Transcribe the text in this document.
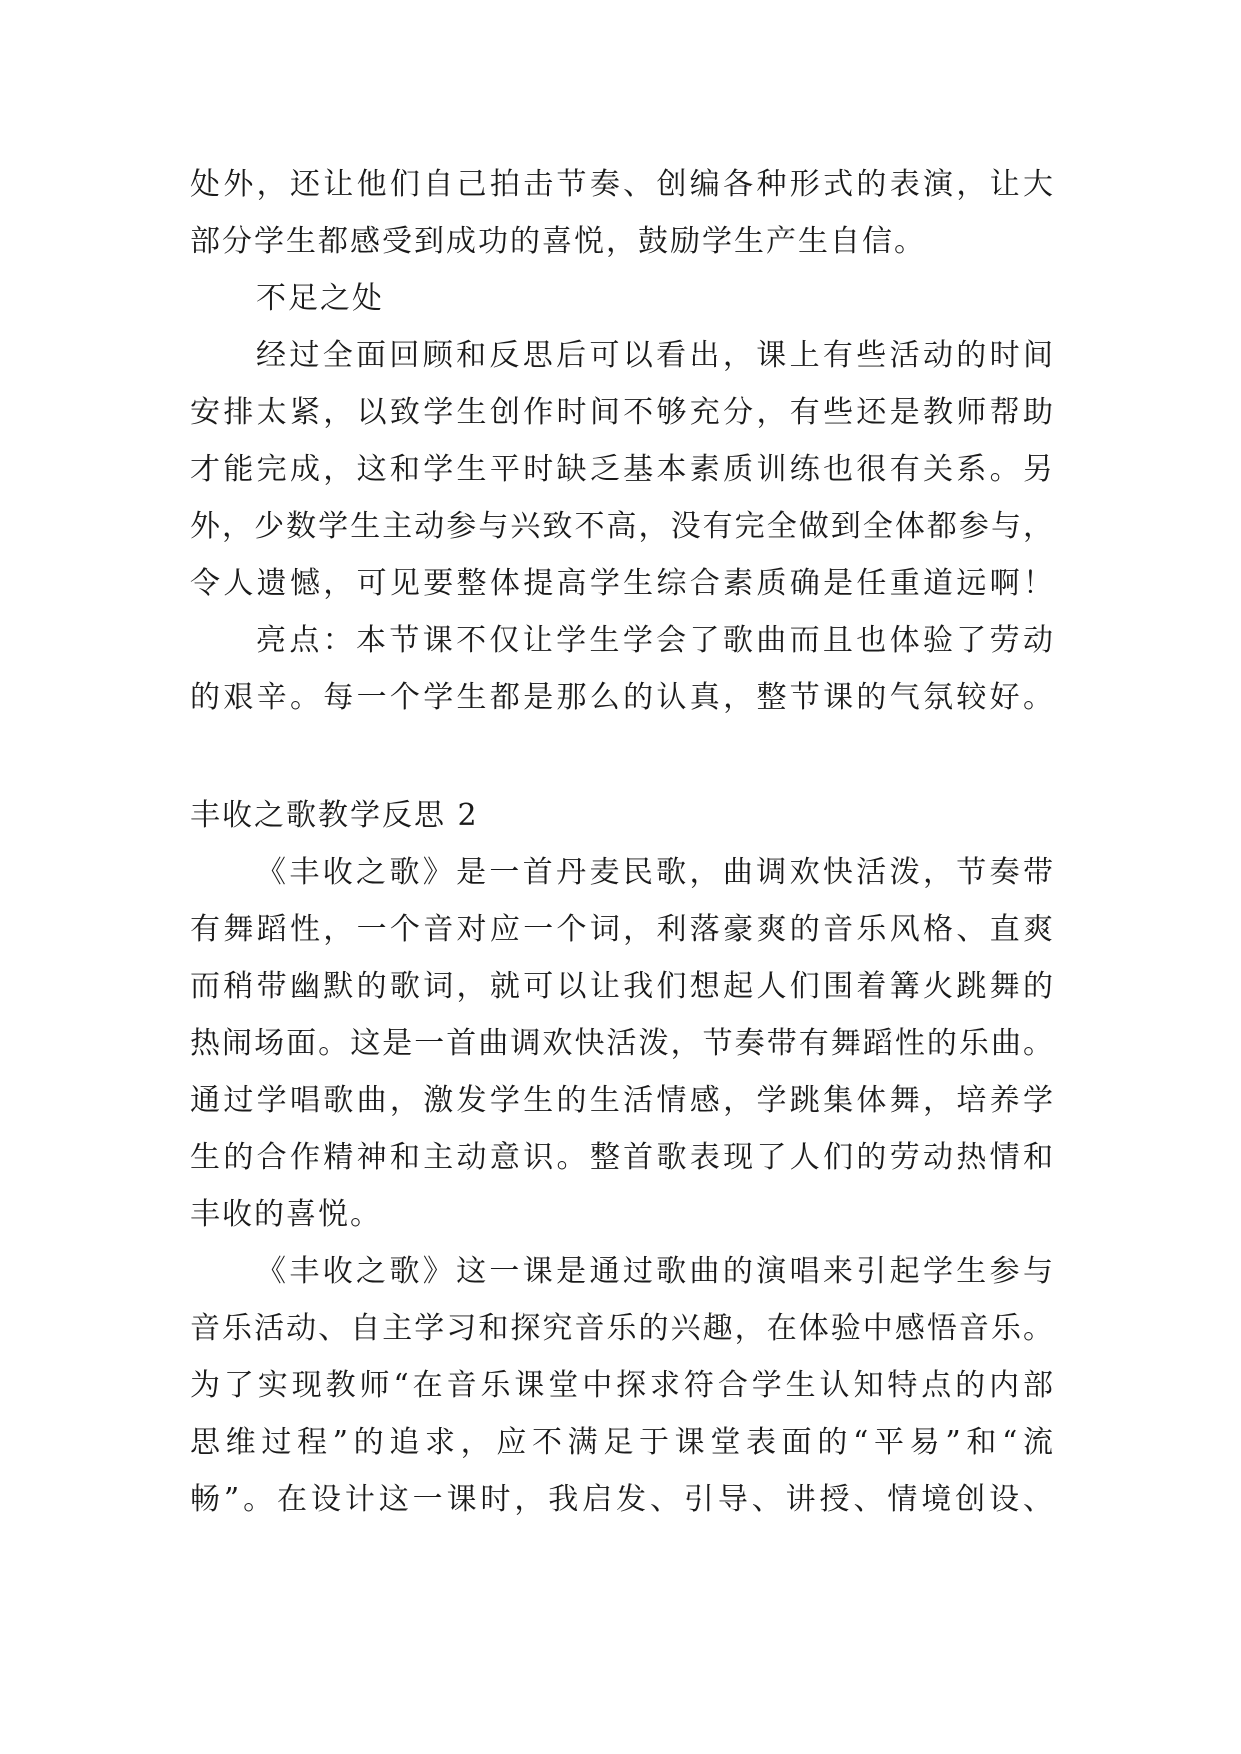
处外，还让他们自己拍击节奏、创编各种形式的表演，让大
部分学生都感受到成功的喜悦，鼓励学生产生自信。
不足之处
经过全面回顾和反思后可以看出，课上有些活动的时间
安排太紧，以致学生创作时间不够充分，有些还是教师帮助
才能完成，这和学生平时缺乏基本素质训练也很有关系。另
外，少数学生主动参与兴致不高，没有完全做到全体都参与，
令人遗憾，可见要整体提高学生综合素质确是任重道远啊！
亮点：本节课不仅让学生学会了歌曲而且也体验了劳动
的艰辛。每一个学生都是那么的认真，整节课的气氛较好。
丰收之歌教学反思 2
《丰收之歌》是一首丹麦民歌，曲调欢快活泼，节奏带
有舞蹈性，一个音对应一个词，利落豪爽的音乐风格、直爽
而稍带幽默的歌词，就可以让我们想起人们围着篝火跳舞的
热闹场面。这是一首曲调欢快活泼，节奏带有舞蹈性的乐曲。
通过学唱歌曲，激发学生的生活情感，学跳集体舞，培养学
生的合作精神和主动意识。整首歌表现了人们的劳动热情和
丰收的喜悦。
《丰收之歌》这一课是通过歌曲的演唱来引起学生参与
音乐活动、自主学习和探究音乐的兴趣，在体验中感悟音乐。
为了实现教师“在音乐课堂中探求符合学生认知特点的内部
思维过程”的追求，应不满足于课堂表面的“平易”和“流
畅”。在设计这一课时，我启发、引导、讲授、情境创设、
